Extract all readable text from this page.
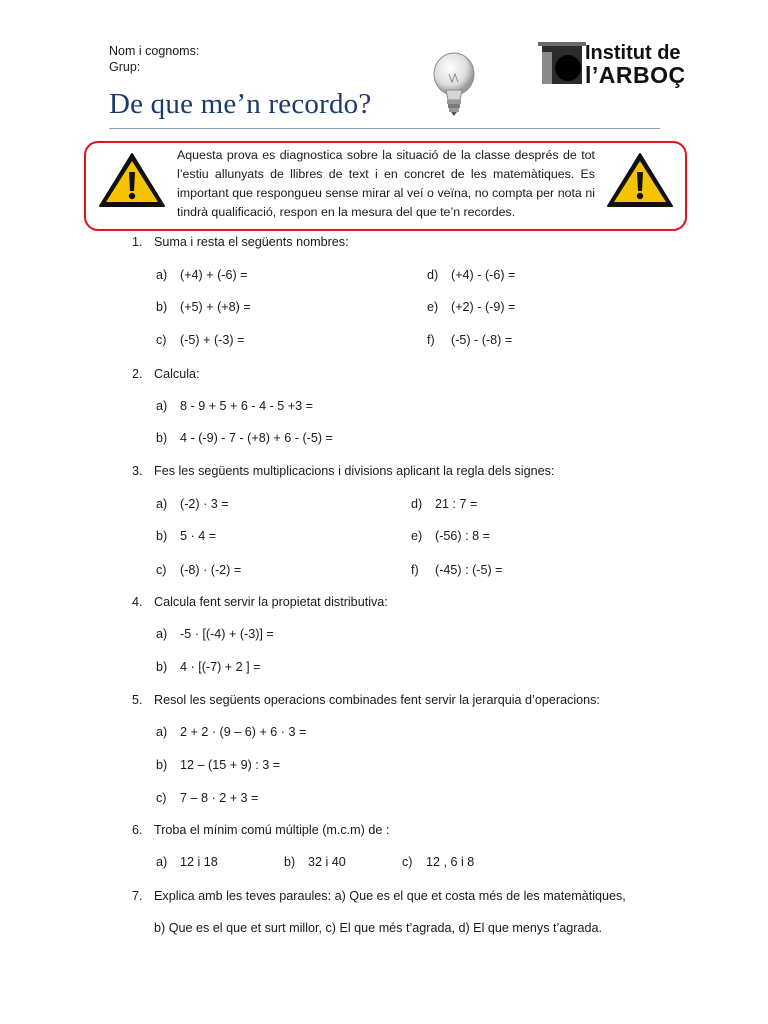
Nom i cognoms:
Grup:
De que me’n recordo?
Institut de
l’ARBOÇ
Aquesta prova es diagnostica sobre la situació de la classe després de tot l’estiu allunyats de llibres de text i en concret de les matemàtiques. Es important que respongueu sense mirar al veí o veïna, no compta per nota ni tindrà qualificació, respon en la mesura del que te’n recordes.
1. Suma i resta el següents nombres:
a) (+4) + (-6) =	d) (+4) - (-6) =
b) (+5) + (+8) =	e) (+2) - (-9) =
c) (-5) + (-3) =	f) (-5) - (-8) =
2. Calcula:
a) 8 - 9 + 5 + 6 - 4 - 5 +3 =
b) 4 - (-9) - 7 - (+8) + 6 - (-5) =
3. Fes les següents multiplicacions i divisions aplicant la regla dels signes:
a) (-2) · 3 =	d) 21 : 7 =
b) 5 · 4 =	e) (-56) : 8 =
c) (-8) · (-2) =	f) (-45) : (-5) =
4. Calcula fent servir la propietat distributiva:
a) -5 · [(-4) + (-3)] =
b) 4 · [(-7) + 2 ] =
5. Resol les següents operacions combinades fent servir la jerarquia d’operacions:
a) 2 + 2 · (9 – 6) + 6 · 3 =
b) 12 – (15 + 9) : 3 =
c) 7 – 8 · 2 + 3 =
6. Troba el mínim comú múltiple (m.c.m) de :
a) 12 i 18	b) 32 i 40	c) 12 , 6 i 8
7. Explica amb les teves paraules: a) Que es el que et costa més de les matemàtiques,
b) Que es el que et surt millor, c) El que més t’agrada, d) El que menys t’agrada.
